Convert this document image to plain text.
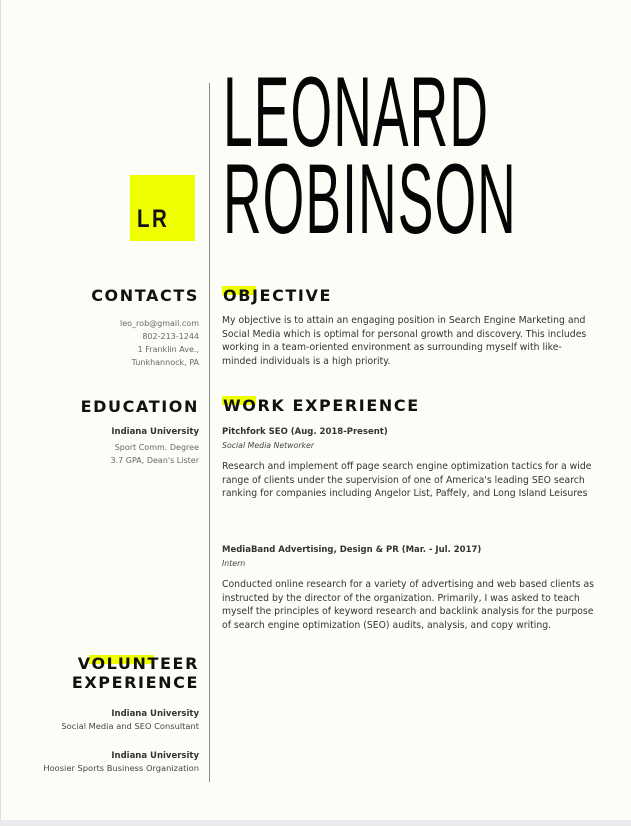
LR
LEONARD
ROBINSON
CONTACTS
leo_rob@gmail.com
802-213-1244
1 Franklin Ave.,
Tunkhannock, PA
EDUCATION
Indiana University
Sport Comm. Degree
3.7 GPA, Dean's Lister
VOLUNTEER
EXPERIENCE
Indiana University
Social Media and SEO Consultant
Indiana University
Hoosier Sports Business Organization
OBJECTIVE
My objective is to attain an engaging position in Search Engine Marketing and Social Media which is optimal for personal growth and discovery. This includes working in a team-oriented environment as surrounding myself with like-minded individuals is a high priority.
WORK EXPERIENCE
Pitchfork SEO (Aug. 2018-Present)
Social Media Networker
Research and implement off page search engine optimization tactics for a wide range of clients under the supervision of one of America's leading SEO search ranking for companies including Angelor List, Paffely, and Long Island Leisures
MediaBand Advertising, Design & PR (Mar. - Jul. 2017)
Intern
Conducted online research for a variety of advertising and web based clients as instructed by the director of the organization. Primarily, I was asked to teach myself the principles of keyword research and backlink analysis for the purpose of search engine optimization (SEO) audits, analysis, and copy writing.
